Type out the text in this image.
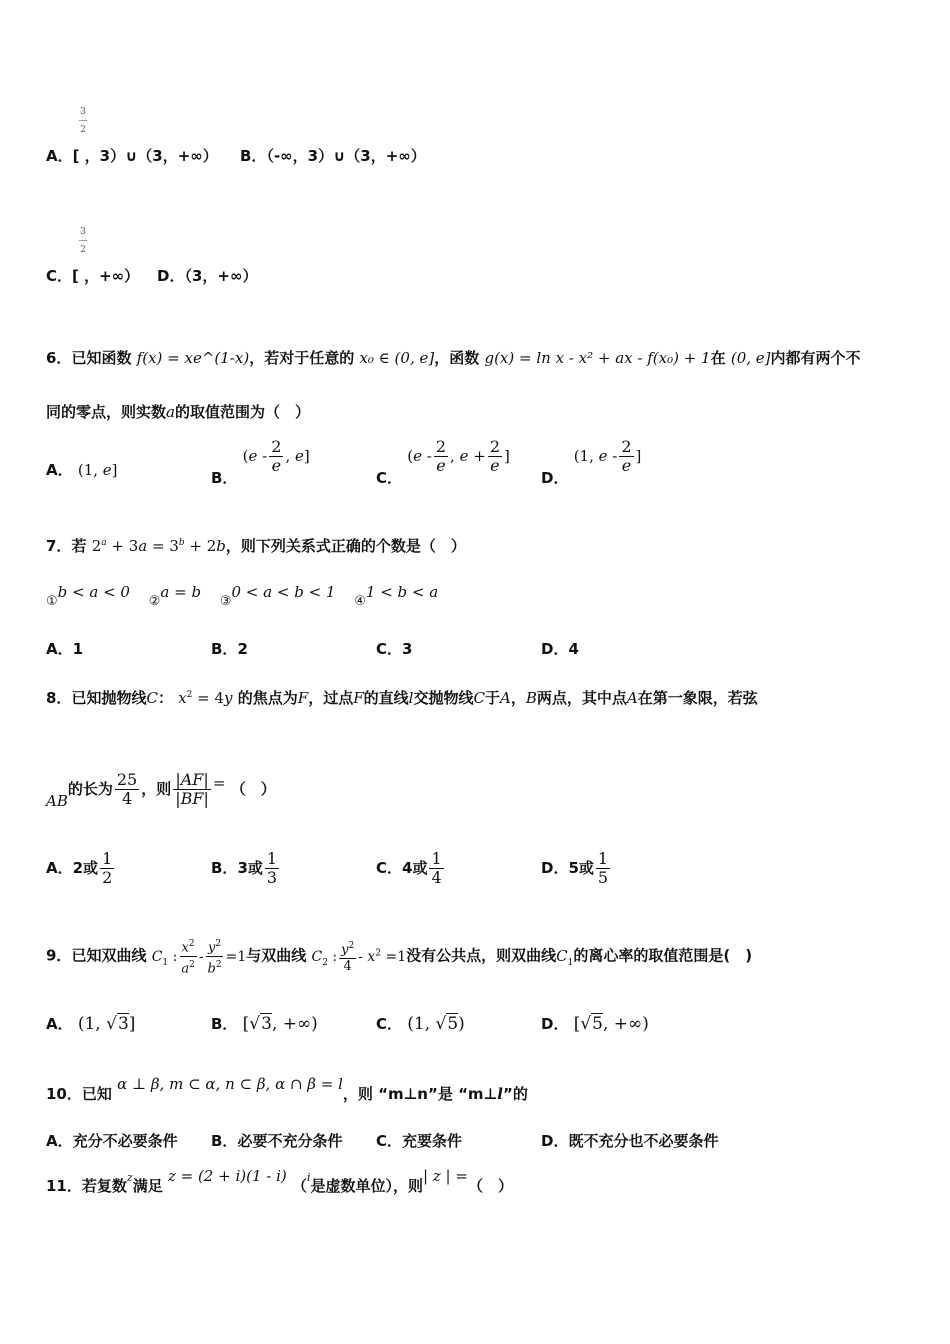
3
—
2
A．[ ，3）∪（3，+∞） B．（-∞，3）∪（3，+∞）
3
—
2
C．[ ，+∞） D．（3，+∞）
6．已知函数 f(x) = xe^(1-x)，若对于任意的 x₀ ∈ (0, e]，函数 g(x) = ln x - x² + ax - f(x₀) + 1在 (0, e]内都有两个不
同的零点，则实数a的取值范围为（　）
A． (1, e]	B． ($e - \frac{2}{e}$ , e]
C． ($e - \frac{2}{e}$ , $e + \frac{2}{e}$ ]
D． (1, e - $\frac{2}{e}$ ]
7．若 $2^a + 3a = 3^b + 2b$，则下列关系式正确的个数是（　）
①b < a < 0 ②a = b ③0 < a < b < 1 ④1 < b < a
A．1	B．2	C．3	D．4
8．已知抛物线C： $x^2 = 4y$ 的焦点为F，过点F的直线l交抛物线C于A，B两点，其中点A在第一象限，若弦
AB的长为 $\frac{25}{4}$ ，则 $\frac{|AF|}{|BF|}$ = （　）
A．2或 $\frac{1}{2}$	B．3或 $\frac{1}{3}$	C．4或 $\frac{1}{4}$	D．5或 $\frac{1}{5}$
9．已知双曲线 $C_1$ : $\frac{x^2}{a^2} - \frac{y^2}{b^2} =1$与双曲线 $C_2$ : $\frac{y^2}{4} - x^2 =1$没有公共点，则双曲线$C_1$的离心率的取值范围是(　)
A． (1, √3]	B． [√3, +∞)	C． (1, √5)	D． [√5, +∞)
10．已知 α ⊥ β, m ⊂ α, n ⊂ β, α ∩ β = l，则 “m⊥n”是 “m⊥l”的
A．充分不必要条件 B．必要不充分条件 C．充要条件	D．既不充分也不必要条件
11．若复数z满足 z = (2 + i)(1 - i) （i是虚数单位），则| z | =（　）
